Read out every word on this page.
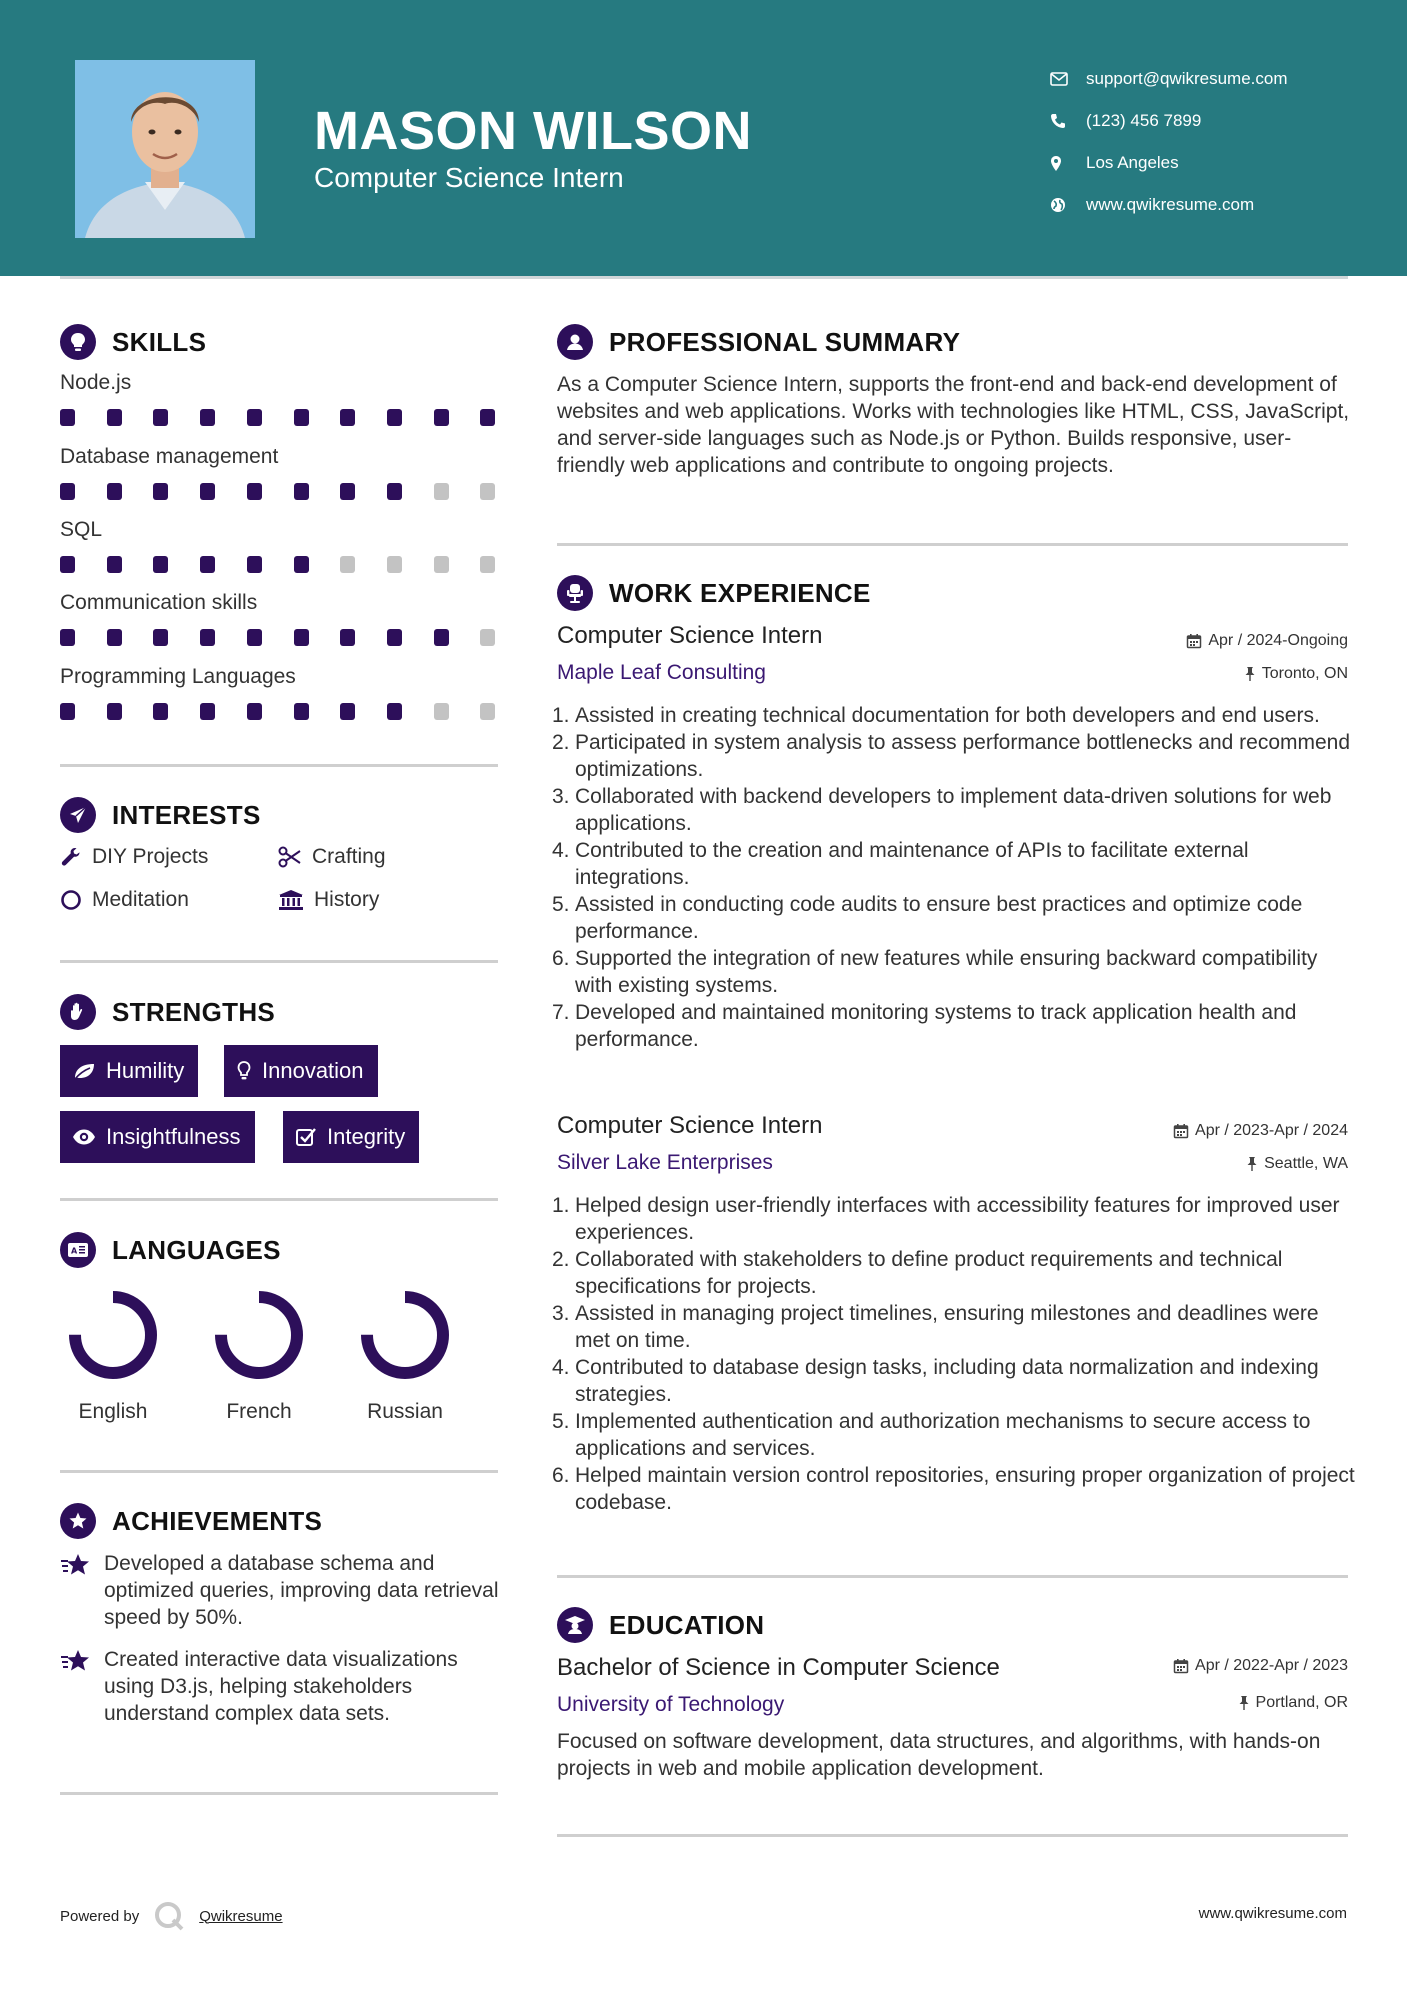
MASON WILSON
Computer Science Intern
support@qwikresume.com
(123) 456 7899
Los Angeles
www.qwikresume.com
SKILLS
Node.js
Database management
SQL
Communication skills
Programming Languages
INTERESTS
DIY Projects	Crafting
Meditation	History
STRENGTHS
Humility	Innovation
Insightfulness	Integrity
A LANGUAGES
English	French	Russian
ACHIEVEMENTS
Developed a database schema and optimized queries, improving data retrieval speed by 50%.
Created interactive data visualizations using D3.js, helping stakeholders understand complex data sets.
PROFESSIONAL SUMMARY
As a Computer Science Intern, supports the front-end and back-end development of websites and web applications. Works with technologies like HTML, CSS, JavaScript, and server-side languages such as Node.js or Python. Builds responsive, user-friendly web applications and contribute to ongoing projects.
WORK EXPERIENCE
Computer Science Intern	Apr / 2024-Ongoing
Maple Leaf Consulting	Toronto, ON
1. Assisted in creating technical documentation for both developers and end users.
2. Participated in system analysis to assess performance bottlenecks and recommend optimizations.
3. Collaborated with backend developers to implement data-driven solutions for web applications.
4. Contributed to the creation and maintenance of APIs to facilitate external integrations.
5. Assisted in conducting code audits to ensure best practices and optimize code performance.
6. Supported the integration of new features while ensuring backward compatibility with existing systems.
7. Developed and maintained monitoring systems to track application health and performance.
Computer Science Intern	Apr / 2023-Apr / 2024
Silver Lake Enterprises	Seattle, WA
1. Helped design user-friendly interfaces with accessibility features for improved user experiences.
2. Collaborated with stakeholders to define product requirements and technical specifications for projects.
3. Assisted in managing project timelines, ensuring milestones and deadlines were met on time.
4. Contributed to database design tasks, including data normalization and indexing strategies.
5. Implemented authentication and authorization mechanisms to secure access to applications and services.
6. Helped maintain version control repositories, ensuring proper organization of project codebase.
EDUCATION
Bachelor of Science in Computer Science	Apr / 2022-Apr / 2023
University of Technology	Portland, OR
Focused on software development, data structures, and algorithms, with hands-on projects in web and mobile application development.
Powered by	Qwikresume	www.qwikresume.com
